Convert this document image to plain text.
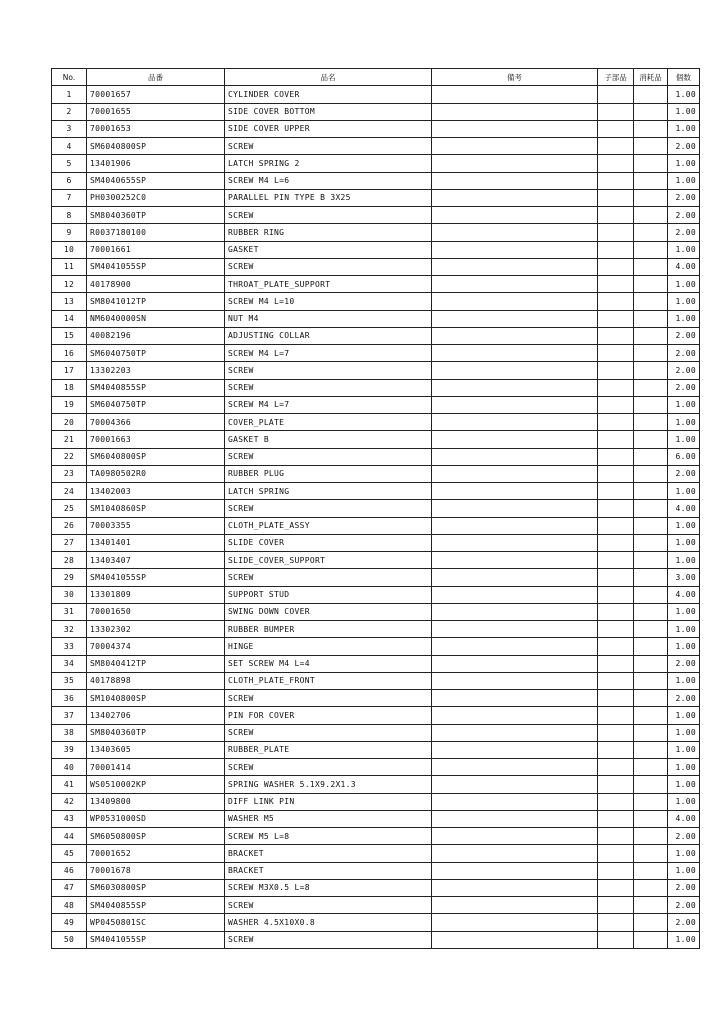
No.	品番	品名	備考	子部品	消耗品	個数
1	70001657	CYLINDER COVER				1.00
2	70001655	SIDE COVER BOTTOM				1.00
3	70001653	SIDE COVER UPPER				1.00
4	SM6040800SP	SCREW				2.00
5	13401906	LATCH SPRING 2				1.00
6	SM4040655SP	SCREW M4 L=6				1.00
7	PH0300252C0	PARALLEL PIN TYPE B 3X25				2.00
8	SM8040360TP	SCREW				2.00
9	R0037180100	RUBBER RING				2.00
10	70001661	GASKET				1.00
11	SM4041055SP	SCREW				4.00
12	40178900	THROAT_PLATE_SUPPORT				1.00
13	SM8041012TP	SCREW M4 L=10				1.00
14	NM6040000SN	NUT M4				1.00
15	40082196	ADJUSTING COLLAR				2.00
16	SM6040750TP	SCREW M4 L=7				2.00
17	13302203	SCREW				2.00
18	SM4040855SP	SCREW				2.00
19	SM6040750TP	SCREW M4 L=7				1.00
20	70004366	COVER_PLATE				1.00
21	70001663	GASKET B				1.00
22	SM6040800SP	SCREW				6.00
23	TA0980502R0	RUBBER PLUG				2.00
24	13402003	LATCH SPRING				1.00
25	SM1040860SP	SCREW				4.00
26	70003355	CLOTH_PLATE_ASSY				1.00
27	13401401	SLIDE COVER				1.00
28	13403407	SLIDE_COVER_SUPPORT				1.00
29	SM4041055SP	SCREW				3.00
30	13301809	SUPPORT STUD				4.00
31	70001650	SWING DOWN COVER				1.00
32	13302302	RUBBER BUMPER				1.00
33	70004374	HINGE				1.00
34	SM8040412TP	SET SCREW M4 L=4				2.00
35	40178898	CLOTH_PLATE_FRONT				1.00
36	SM1040800SP	SCREW				2.00
37	13402706	PIN FOR COVER				1.00
38	SM8040360TP	SCREW				1.00
39	13403605	RUBBER_PLATE				1.00
40	70001414	SCREW				1.00
41	WS0510002KP	SPRING WASHER 5.1X9.2X1.3				1.00
42	13409800	DIFF LINK PIN				1.00
43	WP0531000SD	WASHER M5				4.00
44	SM6050800SP	SCREW M5 L=8				2.00
45	70001652	BRACKET				1.00
46	70001678	BRACKET				1.00
47	SM6030800SP	SCREW M3X0.5 L=8				2.00
48	SM4040855SP	SCREW				2.00
49	WP0450801SC	WASHER 4.5X10X0.8				2.00
50	SM4041055SP	SCREW				1.00
